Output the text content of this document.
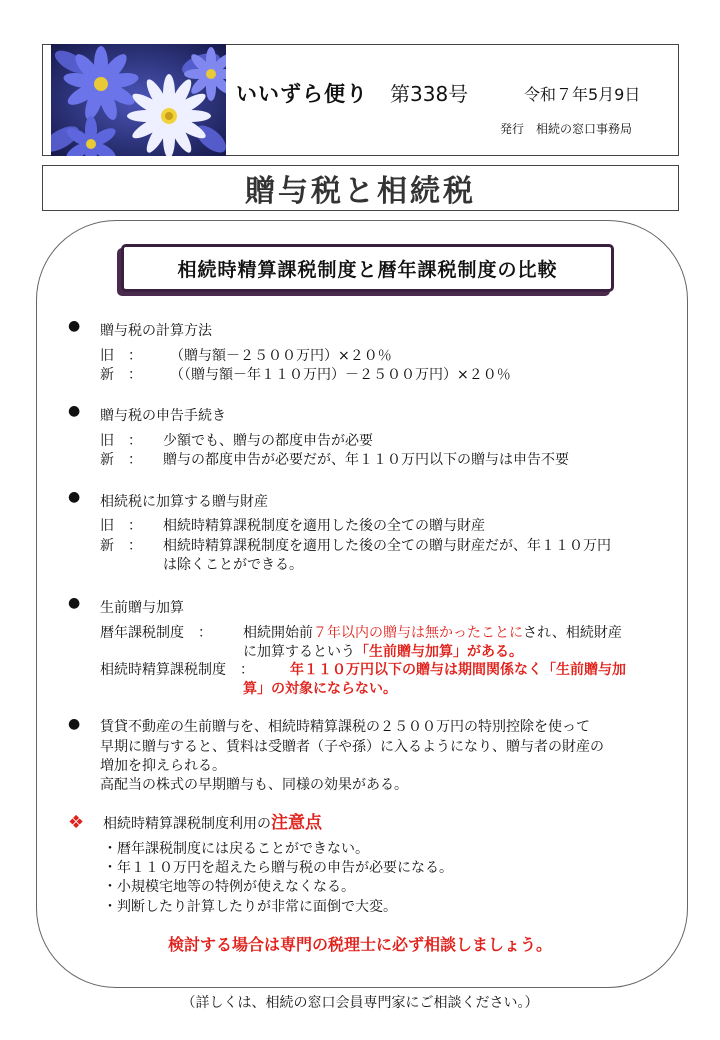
いいずら便り 第338号	令和７年5月9日
発行　相続の窓口事務局
贈与税と相続税
相続時精算課税制度と暦年課税制度の比較
● 贈与税の計算方法
旧　： （贈与額－２５００万円）×２０％
新　： （（贈与額－年１１０万円）－２５００万円）×２０％
● 贈与税の申告手続き
旧　： 少額でも、贈与の都度申告が必要
新　： 贈与の都度申告が必要だが、年１１０万円以下の贈与は申告不要
● 相続税に加算する贈与財産
旧　： 相続時精算課税制度を適用した後の全ての贈与財産
新　： 相続時精算課税制度を適用した後の全ての贈与財産だが、年１１０万円
は除くことができる。
● 生前贈与加算
暦年課税制度　： 相続開始前７年以内の贈与は無かったことにされ、相続財産
に加算するという「生前贈与加算」がある。
相続時精算課税制度　：	年１１０万円以下の贈与は期間関係なく「生前贈与加
算」の対象にならない。
● 賃貸不動産の生前贈与を、相続時精算課税の２５００万円の特別控除を使って
早期に贈与すると、賃料は受贈者（子や孫）に入るようになり、贈与者の財産の
増加を抑えられる。
高配当の株式の早期贈与も、同様の効果がある。
❖ 相続時精算課税制度利用の注意点
・暦年課税制度には戻ることができない。
・年１１０万円を超えたら贈与税の申告が必要になる。
・小規模宅地等の特例が使えなくなる。
・判断したり計算したりが非常に面倒で大変。
検討する場合は専門の税理士に必ず相談しましょう。
（詳しくは、相続の窓口会員専門家にご相談ください。）
